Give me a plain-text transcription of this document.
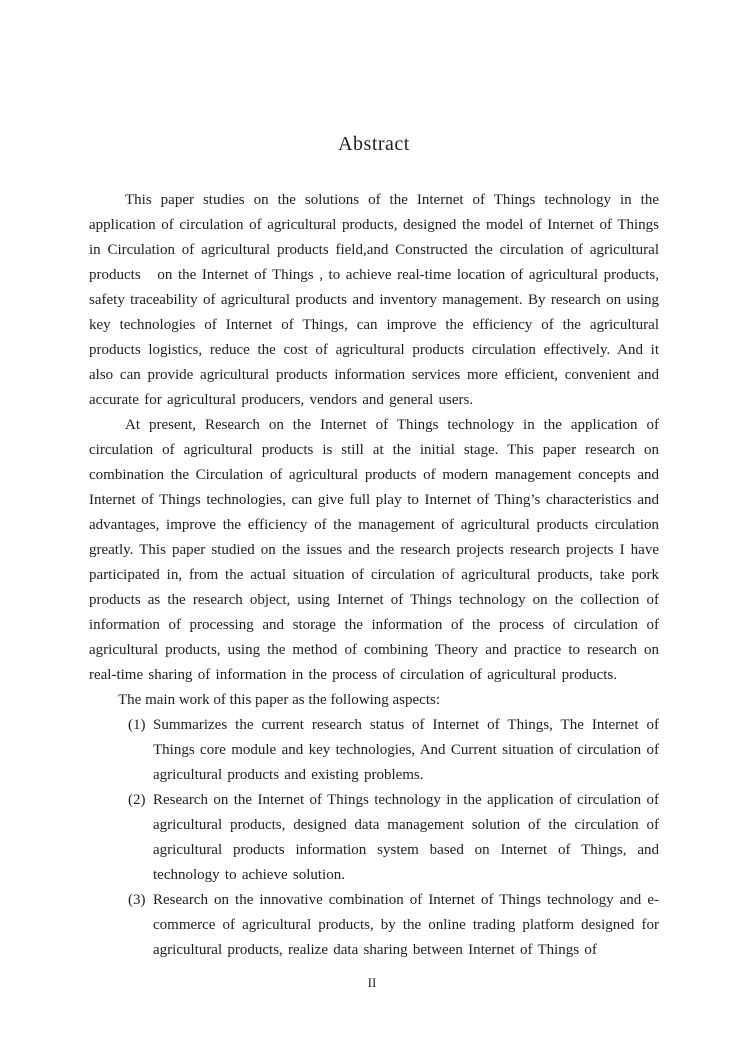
Abstract

This paper studies on the solutions of the Internet of Things technology in the application of circulation of agricultural products, designed the model of Internet of Things in Circulation of agricultural products field,and Constructed the circulation of agricultural products   on the Internet of Things , to achieve real-time location of agricultural products, safety traceability of agricultural products and inventory management. By research on using key technologies of Internet of Things, can improve the efficiency of the agricultural products logistics, reduce the cost of agricultural products circulation effectively. And it also can provide agricultural products information services more efficient, convenient and accurate for agricultural producers, vendors and general users.

At present, Research on the Internet of Things technology in the application of circulation of agricultural products is still at the initial stage. This paper research on combination the Circulation of agricultural products of modern management concepts and Internet of Things technologies, can give full play to Internet of Thing’s characteristics and advantages, improve the efficiency of the management of agricultural products circulation greatly. This paper studied on the issues and the research projects research projects I have participated in, from the actual situation of circulation of agricultural products, take pork products as the research object, using Internet of Things technology on the collection of information of processing and storage the information of the process of circulation of agricultural products, using the method of combining Theory and practice to research on real-time sharing of information in the process of circulation of agricultural products.

The main work of this paper as the following aspects:

(1) Summarizes the current research status of Internet of Things, The Internet of Things core module and key technologies, And Current situation of circulation of agricultural products and existing problems.
(2) Research on the Internet of Things technology in the application of circulation of agricultural products, designed data management solution of the circulation of agricultural products information system based on Internet of Things, and technology to achieve solution.
(3) Research on the innovative combination of Internet of Things technology and e-commerce of agricultural products, by the online trading platform designed for agricultural products, realize data sharing between Internet of Things of
II
